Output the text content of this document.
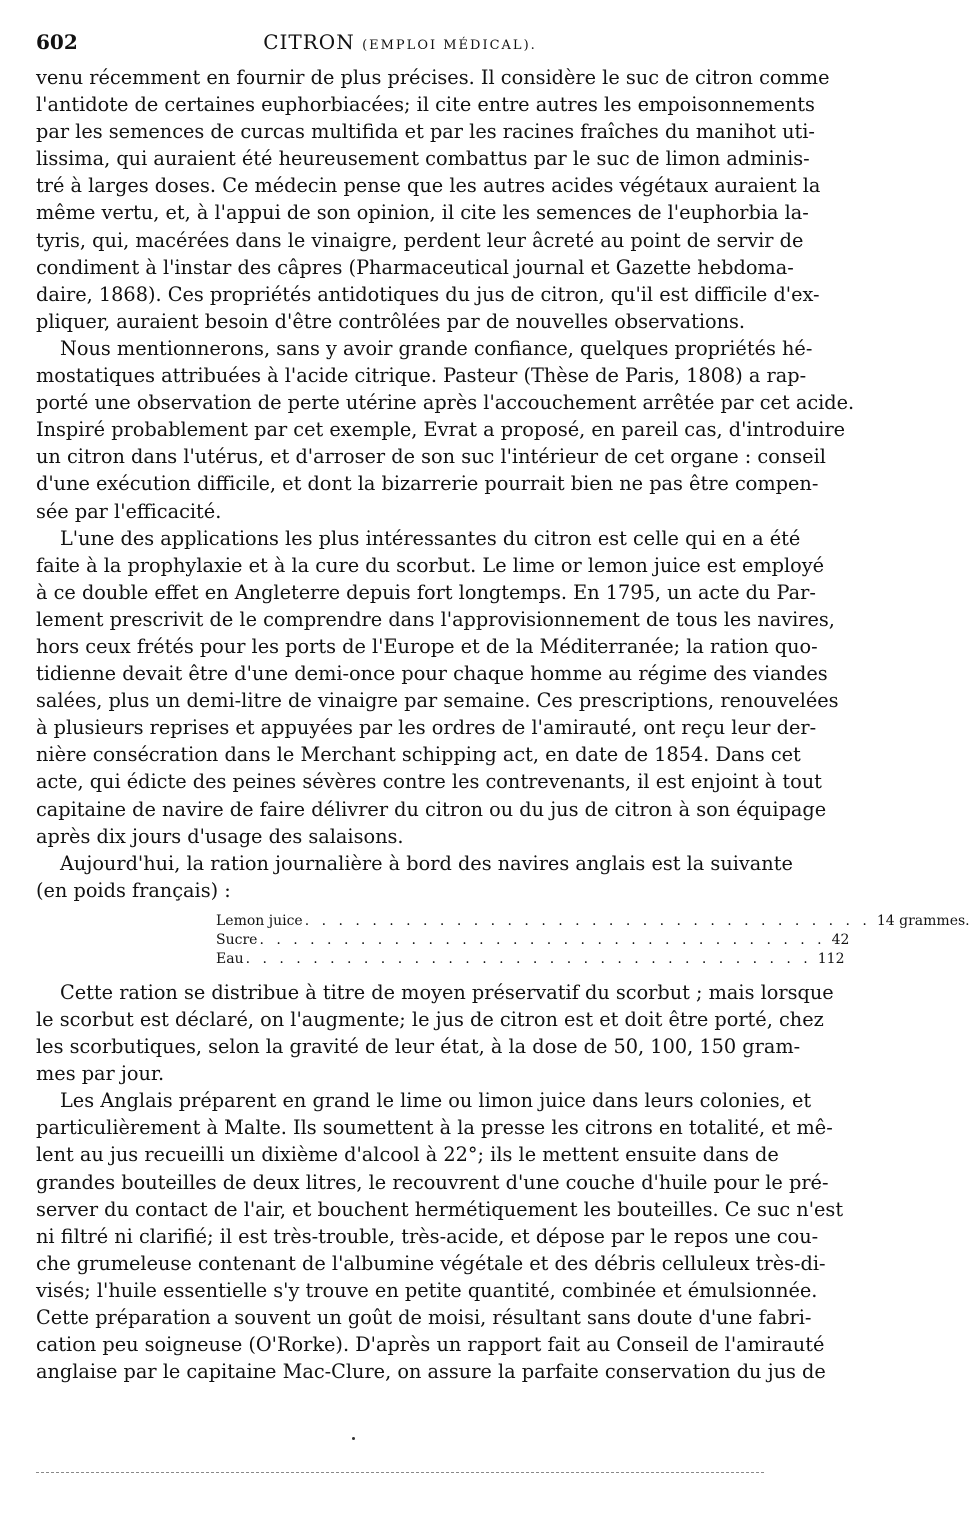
602	CITRON (EMPLOI MÉDICAL).
venu récemment en fournir de plus précises. Il considère le suc de citron comme
l'antidote de certaines euphorbiacées; il cite entre autres les empoisonnements
par les semences de curcas multifida et par les racines fraîches du manihot uti-
lissima, qui auraient été heureusement combattus par le suc de limon adminis-
tré à larges doses. Ce médecin pense que les autres acides végétaux auraient la
même vertu, et, à l'appui de son opinion, il cite les semences de l'euphorbia la-
tyris, qui, macérées dans le vinaigre, perdent leur âcreté au point de servir de
condiment à l'instar des câpres (Pharmaceutical journal et Gazette hebdoma-
daire, 1868). Ces propriétés antidotiques du jus de citron, qu'il est difficile d'ex-
pliquer, auraient besoin d'être contrôlées par de nouvelles observations.
Nous mentionnerons, sans y avoir grande confiance, quelques propriétés hé-
mostatiques attribuées à l'acide citrique. Pasteur (Thèse de Paris, 1808) a rap-
porté une observation de perte utérine après l'accouchement arrêtée par cet acide.
Inspiré probablement par cet exemple, Evrat a proposé, en pareil cas, d'introduire
un citron dans l'utérus, et d'arroser de son suc l'intérieur de cet organe : conseil
d'une exécution difficile, et dont la bizarrerie pourrait bien ne pas être compen-
sée par l'efficacité.
L'une des applications les plus intéressantes du citron est celle qui en a été
faite à la prophylaxie et à la cure du scorbut. Le lime or lemon juice est employé
à ce double effet en Angleterre depuis fort longtemps. En 1795, un acte du Par-
lement prescrivit de le comprendre dans l'approvisionnement de tous les navires,
hors ceux frétés pour les ports de l'Europe et de la Méditerranée; la ration quo-
tidienne devait être d'une demi-once pour chaque homme au régime des viandes
salées, plus un demi-litre de vinaigre par semaine. Ces prescriptions, renouvelées
à plusieurs reprises et appuyées par les ordres de l'amirauté, ont reçu leur der-
nière consécration dans le Merchant schipping act, en date de 1854. Dans cet
acte, qui édicte des peines sévères contre les contrevenants, il est enjoint à tout
capitaine de navire de faire délivrer du citron ou du jus de citron à son équipage
après dix jours d'usage des salaisons.
Aujourd'hui, la ration journalière à bord des navires anglais est la suivante
(en poids français) :
Lemon juice . . .	14 grammes.
Sucre . . .	42
Eau . . .	112
Cette ration se distribue à titre de moyen préservatif du scorbut ; mais lorsque
le scorbut est déclaré, on l'augmente; le jus de citron est et doit être porté, chez
les scorbutiques, selon la gravité de leur état, à la dose de 50, 100, 150 gram-
mes par jour.
Les Anglais préparent en grand le lime ou limon juice dans leurs colonies, et
particulièrement à Malte. Ils soumettent à la presse les citrons en totalité, et mê-
lent au jus recueilli un dixième d'alcool à 22°; ils le mettent ensuite dans de
grandes bouteilles de deux litres, le recouvrent d'une couche d'huile pour le pré-
server du contact de l'air, et bouchent hermétiquement les bouteilles. Ce suc n'est
ni filtré ni clarifié; il est très-trouble, très-acide, et dépose par le repos une cou-
che grumeleuse contenant de l'albumine végétale et des débris celluleux très-di-
visés; l'huile essentielle s'y trouve en petite quantité, combinée et émulsionnée.
Cette préparation a souvent un goût de moisi, résultant sans doute d'une fabri-
cation peu soigneuse (O'Rorke). D'après un rapport fait au Conseil de l'amirauté
anglaise par le capitaine Mac-Clure, on assure la parfaite conservation du jus de
